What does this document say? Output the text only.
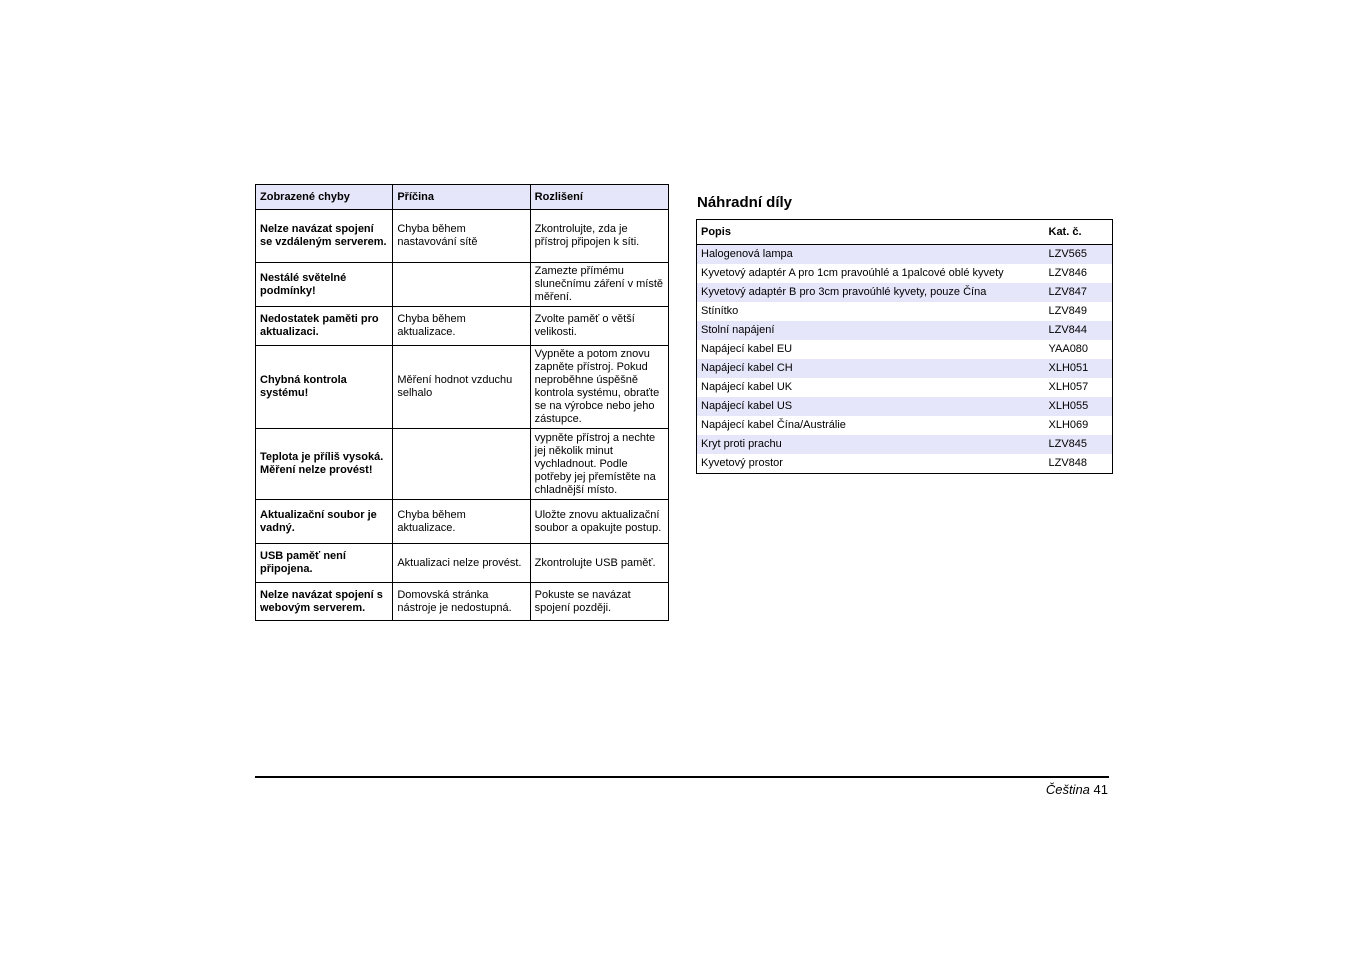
Zobrazené chyby	Příčina	Rozlišení
Nelze navázat spojení se vzdáleným serverem.	Chyba během nastavování sítě	Zkontrolujte, zda je přístroj připojen k síti.
Nestálé světelné podmínky!		Zamezte přímému slunečnímu záření v místě měření.
Nedostatek paměti pro aktualizaci.	Chyba během aktualizace.	Zvolte paměť o větší velikosti.
Chybná kontrola systému!	Měření hodnot vzduchu selhalo	Vypněte a potom znovu zapněte přístroj. Pokud neproběhne úspěšně kontrola systému, obraťte se na výrobce nebo jeho zástupce.
Teplota je příliš vysoká. Měření nelze provést!		vypněte přístroj a nechte jej několik minut vychladnout. Podle potřeby jej přemístěte na chladnější místo.
Aktualizační soubor je vadný.	Chyba během aktualizace.	Uložte znovu aktualizační soubor a opakujte postup.
USB paměť není připojena.	Aktualizaci nelze provést.	Zkontrolujte USB paměť.
Nelze navázat spojení s webovým serverem.	Domovská stránka nástroje je nedostupná.	Pokuste se navázat spojení později.
Náhradní díly
Popis	Kat. č.
Halogenová lampa	LZV565
Kyvetový adaptér A pro 1cm pravoúhlé a 1palcové oblé kyvety	LZV846
Kyvetový adaptér B pro 3cm pravoúhlé kyvety, pouze Čína	LZV847
Stínítko	LZV849
Stolní napájení	LZV844
Napájecí kabel EU	YAA080
Napájecí kabel CH	XLH051
Napájecí kabel UK	XLH057
Napájecí kabel US	XLH055
Napájecí kabel Čína/Austrálie	XLH069
Kryt proti prachu	LZV845
Kyvetový prostor	LZV848
Čeština 41
